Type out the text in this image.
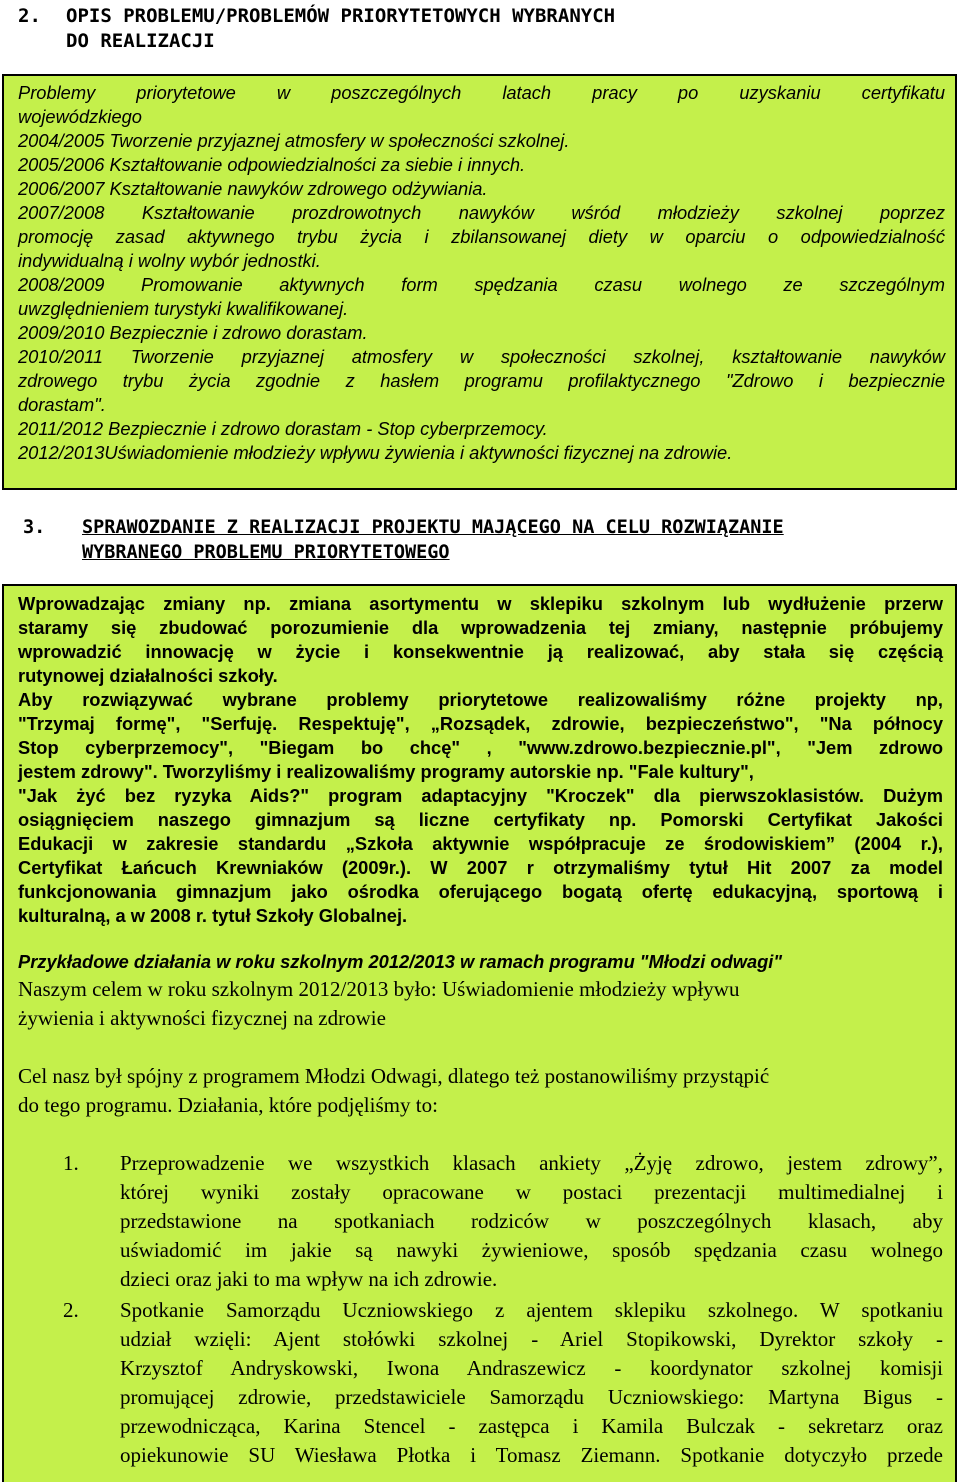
2. OPIS PROBLEMU/PROBLEMÓW PRIORYTETOWYCH WYBRANYCH
DO REALIZACJI

Problemy priorytetowe w poszczególnych latach pracy po uzyskaniu certyfikatu

wojewódzkiego

2004/2005 Tworzenie przyjaznej atmosfery w społeczności szkolnej.

2005/2006 Kształtowanie odpowiedzialności za siebie i innych.

2006/2007 Kształtowanie nawyków zdrowego odżywiania.

2007/2008 Kształtowanie prozdrowotnych nawyków wśród młodzieży szkolnej poprzez

promocję zasad aktywnego trybu życia i zbilansowanej diety w oparciu o odpowiedzialność

indywidualną i wolny wybór jednostki.

2008/2009 Promowanie aktywnych form spędzania czasu wolnego ze szczególnym

uwzględnieniem turystyki kwalifikowanej.

2009/2010 Bezpiecznie i zdrowo dorastam.

2010/2011 Tworzenie przyjaznej atmosfery w społeczności szkolnej, kształtowanie nawyków

zdrowego trybu życia zgodnie z hasłem programu profilaktycznego "Zdrowo i bezpiecznie

dorastam".

2011/2012 Bezpiecznie i zdrowo dorastam - Stop cyberprzemocy.

2012/2013Uświadomienie młodzieży wpływu żywienia i aktywności fizycznej na zdrowie.

3. SPRAWOZDANIE Z REALIZACJI PROJEKTU MAJĄCEGO NA CELU ROZWIĄZANIE
WYBRANEGO PROBLEMU PRIORYTETOWEGO

Wprowadzając zmiany np. zmiana asortymentu w sklepiku szkolnym lub wydłużenie przerw

staramy się zbudować porozumienie dla wprowadzenia tej zmiany, następnie próbujemy

wprowadzić innowację w życie i konsekwentnie ją realizować, aby stała się częścią

rutynowej działalności szkoły.

Aby rozwiązywać wybrane problemy priorytetowe realizowaliśmy różne projekty np,

"Trzymaj formę", "Serfuję. Respektuję", „Rozsądek, zdrowie, bezpieczeństwo", "Na północy

Stop cyberprzemocy", "Biegam bo chcę" , "www.zdrowo.bezpiecznie.pl", "Jem zdrowo

jestem zdrowy". Tworzyliśmy i realizowaliśmy programy autorskie np. "Fale kultury",

"Jak żyć bez ryzyka Aids?" program adaptacyjny "Kroczek" dla pierwszoklasistów. Dużym

osiągnięciem naszego gimnazjum są liczne certyfikaty np. Pomorski Certyfikat Jakości

Edukacji w zakresie standardu „Szkoła aktywnie współpracuje ze środowiskiem” (2004 r.),

Certyfikat Łańcuch Krewniaków (2009r.). W 2007 r otrzymaliśmy tytuł Hit 2007 za model

funkcjonowania gimnazjum jako ośrodka oferującego bogatą ofertę edukacyjną, sportową i

kulturalną, a w 2008 r. tytuł Szkoły Globalnej.

Przykładowe działania w roku szkolnym 2012/2013 w ramach programu "Młodzi odwagi"

Naszym celem w roku szkolnym 2012/2013 było: Uświadomienie młodzieży wpływu

żywienia i aktywności fizycznej na zdrowie

Cel nasz był spójny z programem Młodzi Odwagi, dlatego też postanowiliśmy przystąpić

do tego programu. Działania, które podjęliśmy to:

1.	Przeprowadzenie we wszystkich klasach ankiety „Żyję zdrowo, jestem zdrowy”,

której wyniki zostały opracowane w postaci prezentacji multimedialnej i

przedstawione na spotkaniach rodziców w poszczególnych klasach, aby

uświadomić im jakie są nawyki żywieniowe, sposób spędzania czasu wolnego

dzieci oraz jaki to ma wpływ na ich zdrowie.

2.	Spotkanie Samorządu Uczniowskiego z ajentem sklepiku szkolnego. W spotkaniu

udział wzięli: Ajent stołówki szkolnej - Ariel Stopikowski, Dyrektor szkoły -

Krzysztof Andryskowski, Iwona Andraszewicz - koordynator szkolnej komisji

promującej zdrowie, przedstawiciele Samorządu Uczniowskiego: Martyna Bigus -

przewodnicząca, Karina Stencel - zastępca i Kamila Bulczak - sekretarz oraz

opiekunowie SU Wiesława Płotka i Tomasz Ziemann. Spotkanie dotyczyło przede
